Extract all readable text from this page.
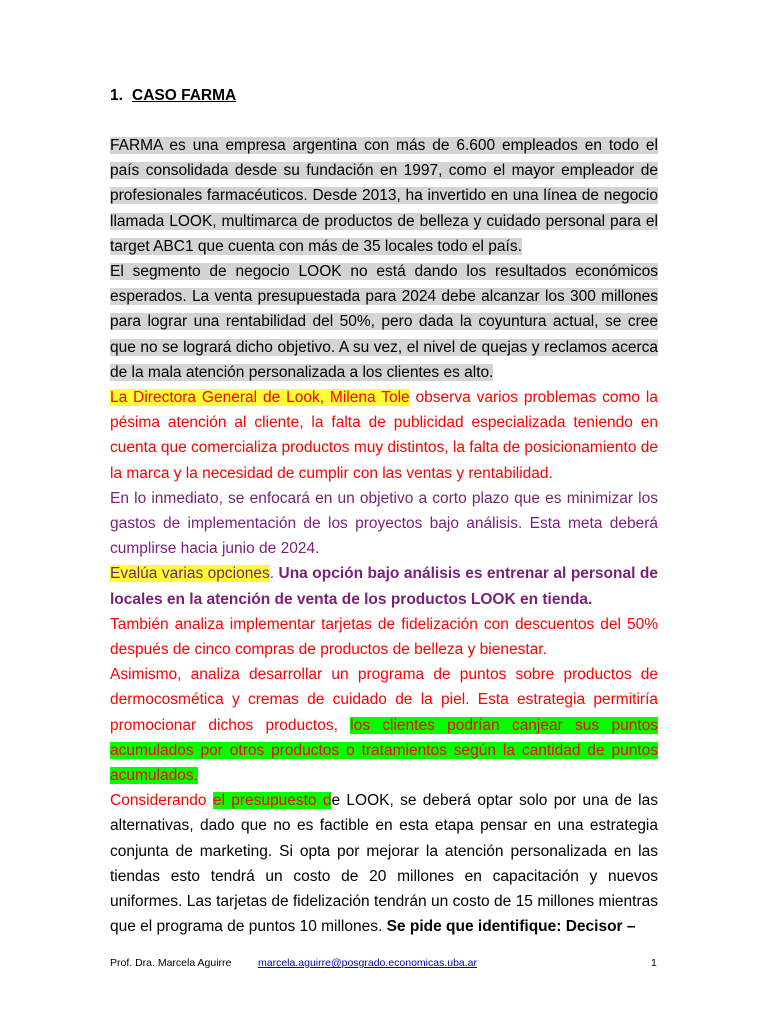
1. CASO FARMA

FARMA es una empresa argentina con más de 6.600 empleados en todo el país consolidada desde su fundación en 1997, como el mayor empleador de profesionales farmacéuticos. Desde 2013, ha invertido en una línea de negocio llamada LOOK, multimarca de productos de belleza y cuidado personal para el target ABC1 que cuenta con más de 35 locales todo el país.

El segmento de negocio LOOK no está dando los resultados económicos esperados. La venta presupuestada para 2024 debe alcanzar los 300 millones para lograr una rentabilidad del 50%, pero dada la coyuntura actual, se cree que no se logrará dicho objetivo. A su vez, el nivel de quejas y reclamos acerca de la mala atención personalizada a los clientes es alto.

La Directora General de Look, Milena Tole observa varios problemas como la pésima atención al cliente, la falta de publicidad especializada teniendo en cuenta que comercializa productos muy distintos, la falta de posicionamiento de la marca y la necesidad de cumplir con las ventas y rentabilidad.

En lo inmediato, se enfocará en un objetivo a corto plazo que es minimizar los gastos de implementación de los proyectos bajo análisis. Esta meta deberá cumplirse hacia junio de 2024.

Evalúa varias opciones. Una opción bajo análisis es entrenar al personal de locales en la atención de venta de los productos LOOK en tienda.

También analiza implementar tarjetas de fidelización con descuentos del 50% después de cinco compras de productos de belleza y bienestar.

Asimismo, analiza desarrollar un programa de puntos sobre productos de dermocosmética y cremas de cuidado de la piel. Esta estrategia permitiría promocionar dichos productos, los clientes podrían canjear sus puntos acumulados por otros productos o tratamientos según la cantidad de puntos acumulados.

Considerando el presupuesto de LOOK, se deberá optar solo por una de las alternativas, dado que no es factible en esta etapa pensar en una estrategia conjunta de marketing. Si opta por mejorar la atención personalizada en las tiendas esto tendrá un costo de 20 millones en capacitación y nuevos uniformes. Las tarjetas de fidelización tendrán un costo de 15 millones mientras que el programa de puntos 10 millones. Se pide que identifique: Decisor –

Prof. Dra. Marcela Aguirre	marcela.aguirre@posgrado.economicas.uba.ar	1
